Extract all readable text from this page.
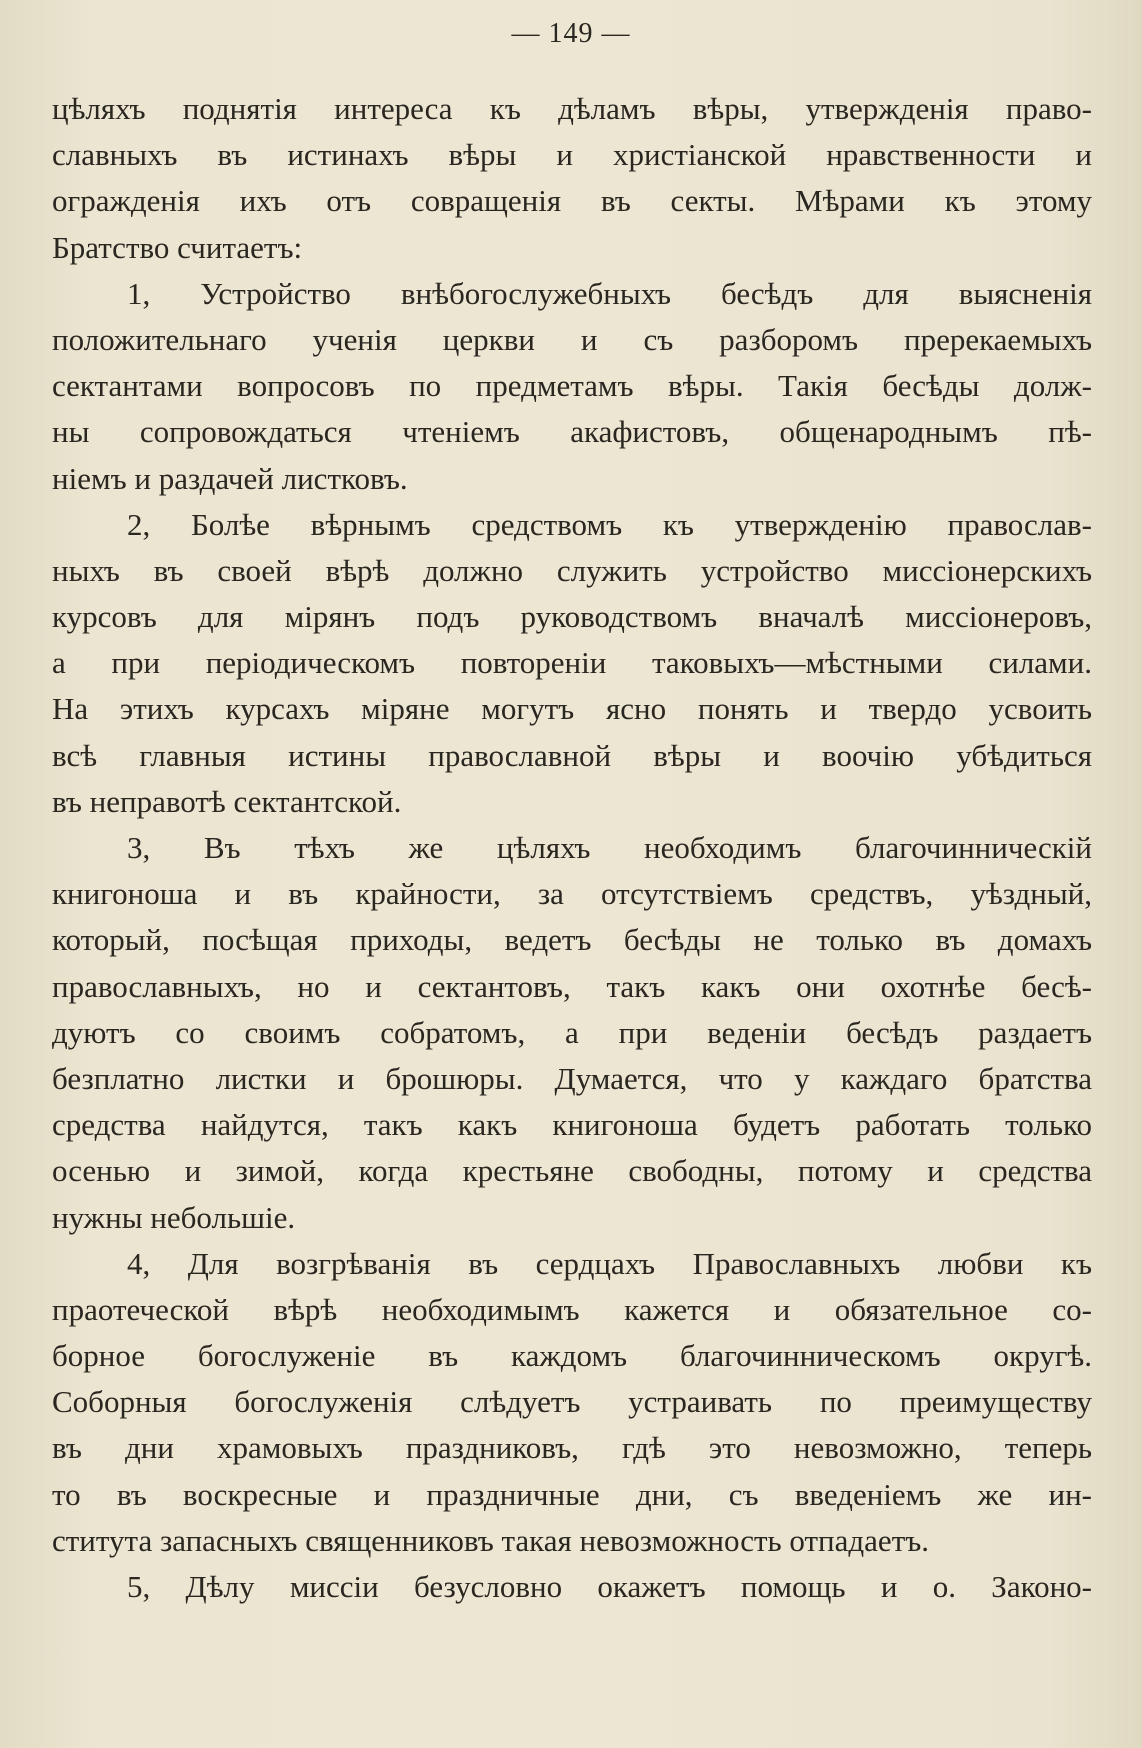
— 149 —
цѣляхъ поднятія интереса къ дѣламъ вѣры, утвержденія право-
славныхъ въ истинахъ вѣры и христіанской нравственности и
огражденія ихъ отъ совращенія въ секты. Мѣрами къ этому
Братство считаетъ:
1, Устройство внѣбогослужебныхъ бесѣдъ для выясненія
положительнаго ученія церкви и съ разборомъ пререкаемыхъ
сектантами вопросовъ по предметамъ вѣры. Такія бесѣды долж-
ны сопровождаться чтеніемъ акафистовъ, общенароднымъ пѣ-
ніемъ и раздачей листковъ.
2, Болѣе вѣрнымъ средствомъ къ утвержденію православ-
ныхъ въ своей вѣрѣ должно служить устройство миссіонерскихъ
курсовъ для мірянъ подъ руководствомъ вначалѣ миссіонеровъ,
а при періодическомъ повтореніи таковыхъ—мѣстными силами.
На этихъ курсахъ міряне могутъ ясно понять и твердо усвоить
всѣ главныя истины православной вѣры и воочію убѣдиться
въ неправотѣ сектантской.
3, Въ тѣхъ же цѣляхъ необходимъ благочинническій
книгоноша и въ крайности, за отсутствіемъ средствъ, уѣздный,
который, посѣщая приходы, ведетъ бесѣды не только въ домахъ
православныхъ, но и сектантовъ, такъ какъ они охотнѣе бесѣ-
дуютъ со своимъ собратомъ, а при веденіи бесѣдъ раздаетъ
безплатно листки и брошюры. Думается, что у каждаго братства
средства найдутся, такъ какъ книгоноша будетъ работать только
осенью и зимой, когда крестьяне свободны, потому и средства
нужны небольшіе.
4, Для возгрѣванія въ сердцахъ Православныхъ любви къ
праотеческой вѣрѣ необходимымъ кажется и обязательное со-
борное богослуженіе въ каждомъ благочинническомъ округѣ.
Соборныя богослуженія слѣдуетъ устраивать по преимуществу
въ дни храмовыхъ праздниковъ, гдѣ это невозможно, теперь
то въ воскресные и праздничные дни, съ введеніемъ же ин-
ститута запасныхъ священниковъ такая невозможность отпадаетъ.
5, Дѣлу миссіи безусловно окажетъ помощь и о. Законо-
